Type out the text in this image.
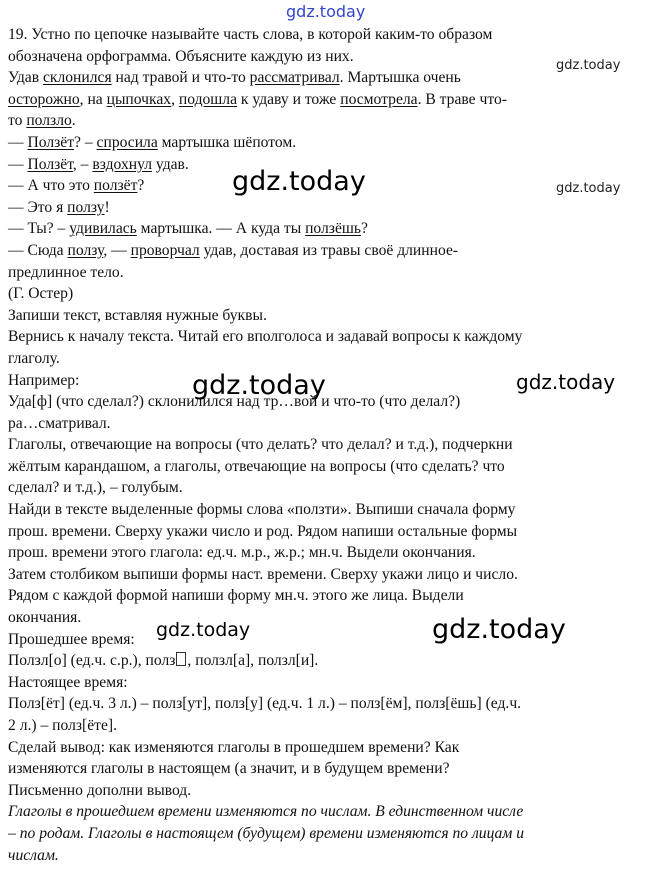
gdz.today

19. Устно по цепочке называйте часть слова, в которой каким-то образом

обозначена орфограмма. Объясните каждую из них.

Удав склонился над травой и что-то рассматривал. Мартышка очень

осторожно, на цыпочках, подошла к удаву и тоже посмотрела. В траве что-

то ползло.

— Ползёт? – спросила мартышка шёпотом.

— Ползёт, – вздохнул удав.

— А что это ползёт?

— Это я ползу!

— Ты? – удивилась мартышка. — А куда ты ползёшь?

— Сюда ползу, — проворчал удав, доставая из травы своё длинное-

предлинное тело.

(Г. Остер)

Запиши текст, вставляя нужные буквы.

Вернись к началу текста. Читай его вполголоса и задавай вопросы к каждому

глаголу.

Например:

Уда[ф] (что сделал?) склонилился над тр…вой и что-то (что делал?)

ра…сматривал.

Глаголы, отвечающие на вопросы (что делать? что делал? и т.д.), подчеркни

жёлтым карандашом, а глаголы, отвечающие на вопросы (что сделать? что

сделал? и т.д.), – голубым.

Найди в тексте выделенные формы слова «ползти». Выпиши сначала форму

прош. времени. Сверху укажи число и род. Рядом напиши остальные формы

прош. времени этого глагола: ед.ч. м.р., ж.р.; мн.ч. Выдели окончания.

Затем столбиком выпиши формы наст. времени. Сверху укажи лицо и число.

Рядом с каждой формой напиши форму мн.ч. этого же лица. Выдели

окончания.

Прошедшее время:

Ползл[о] (ед.ч. с.р.), полз , ползл[а], ползл[и].

Настоящее время:

Полз[ёт] (ед.ч. 3 л.) – полз[ут], полз[у] (ед.ч. 1 л.) – полз[ём], полз[ёшь] (ед.ч.

2 л.) – полз[ёте].

Сделай вывод: как изменяются глаголы в прошедшем времени? Как

изменяются глаголы в настоящем (а значит, и в будущем времени?

Письменно дополни вывод.

Глаголы в прошедшем времени изменяются по числам. В единственном числе

– по родам. Глаголы в настоящем (будущем) времени изменяются по лицам и

числам.

gdz.today
gdz.today	gdz.today
gdz.today	gdz.today
gdz.today	gdz.today
